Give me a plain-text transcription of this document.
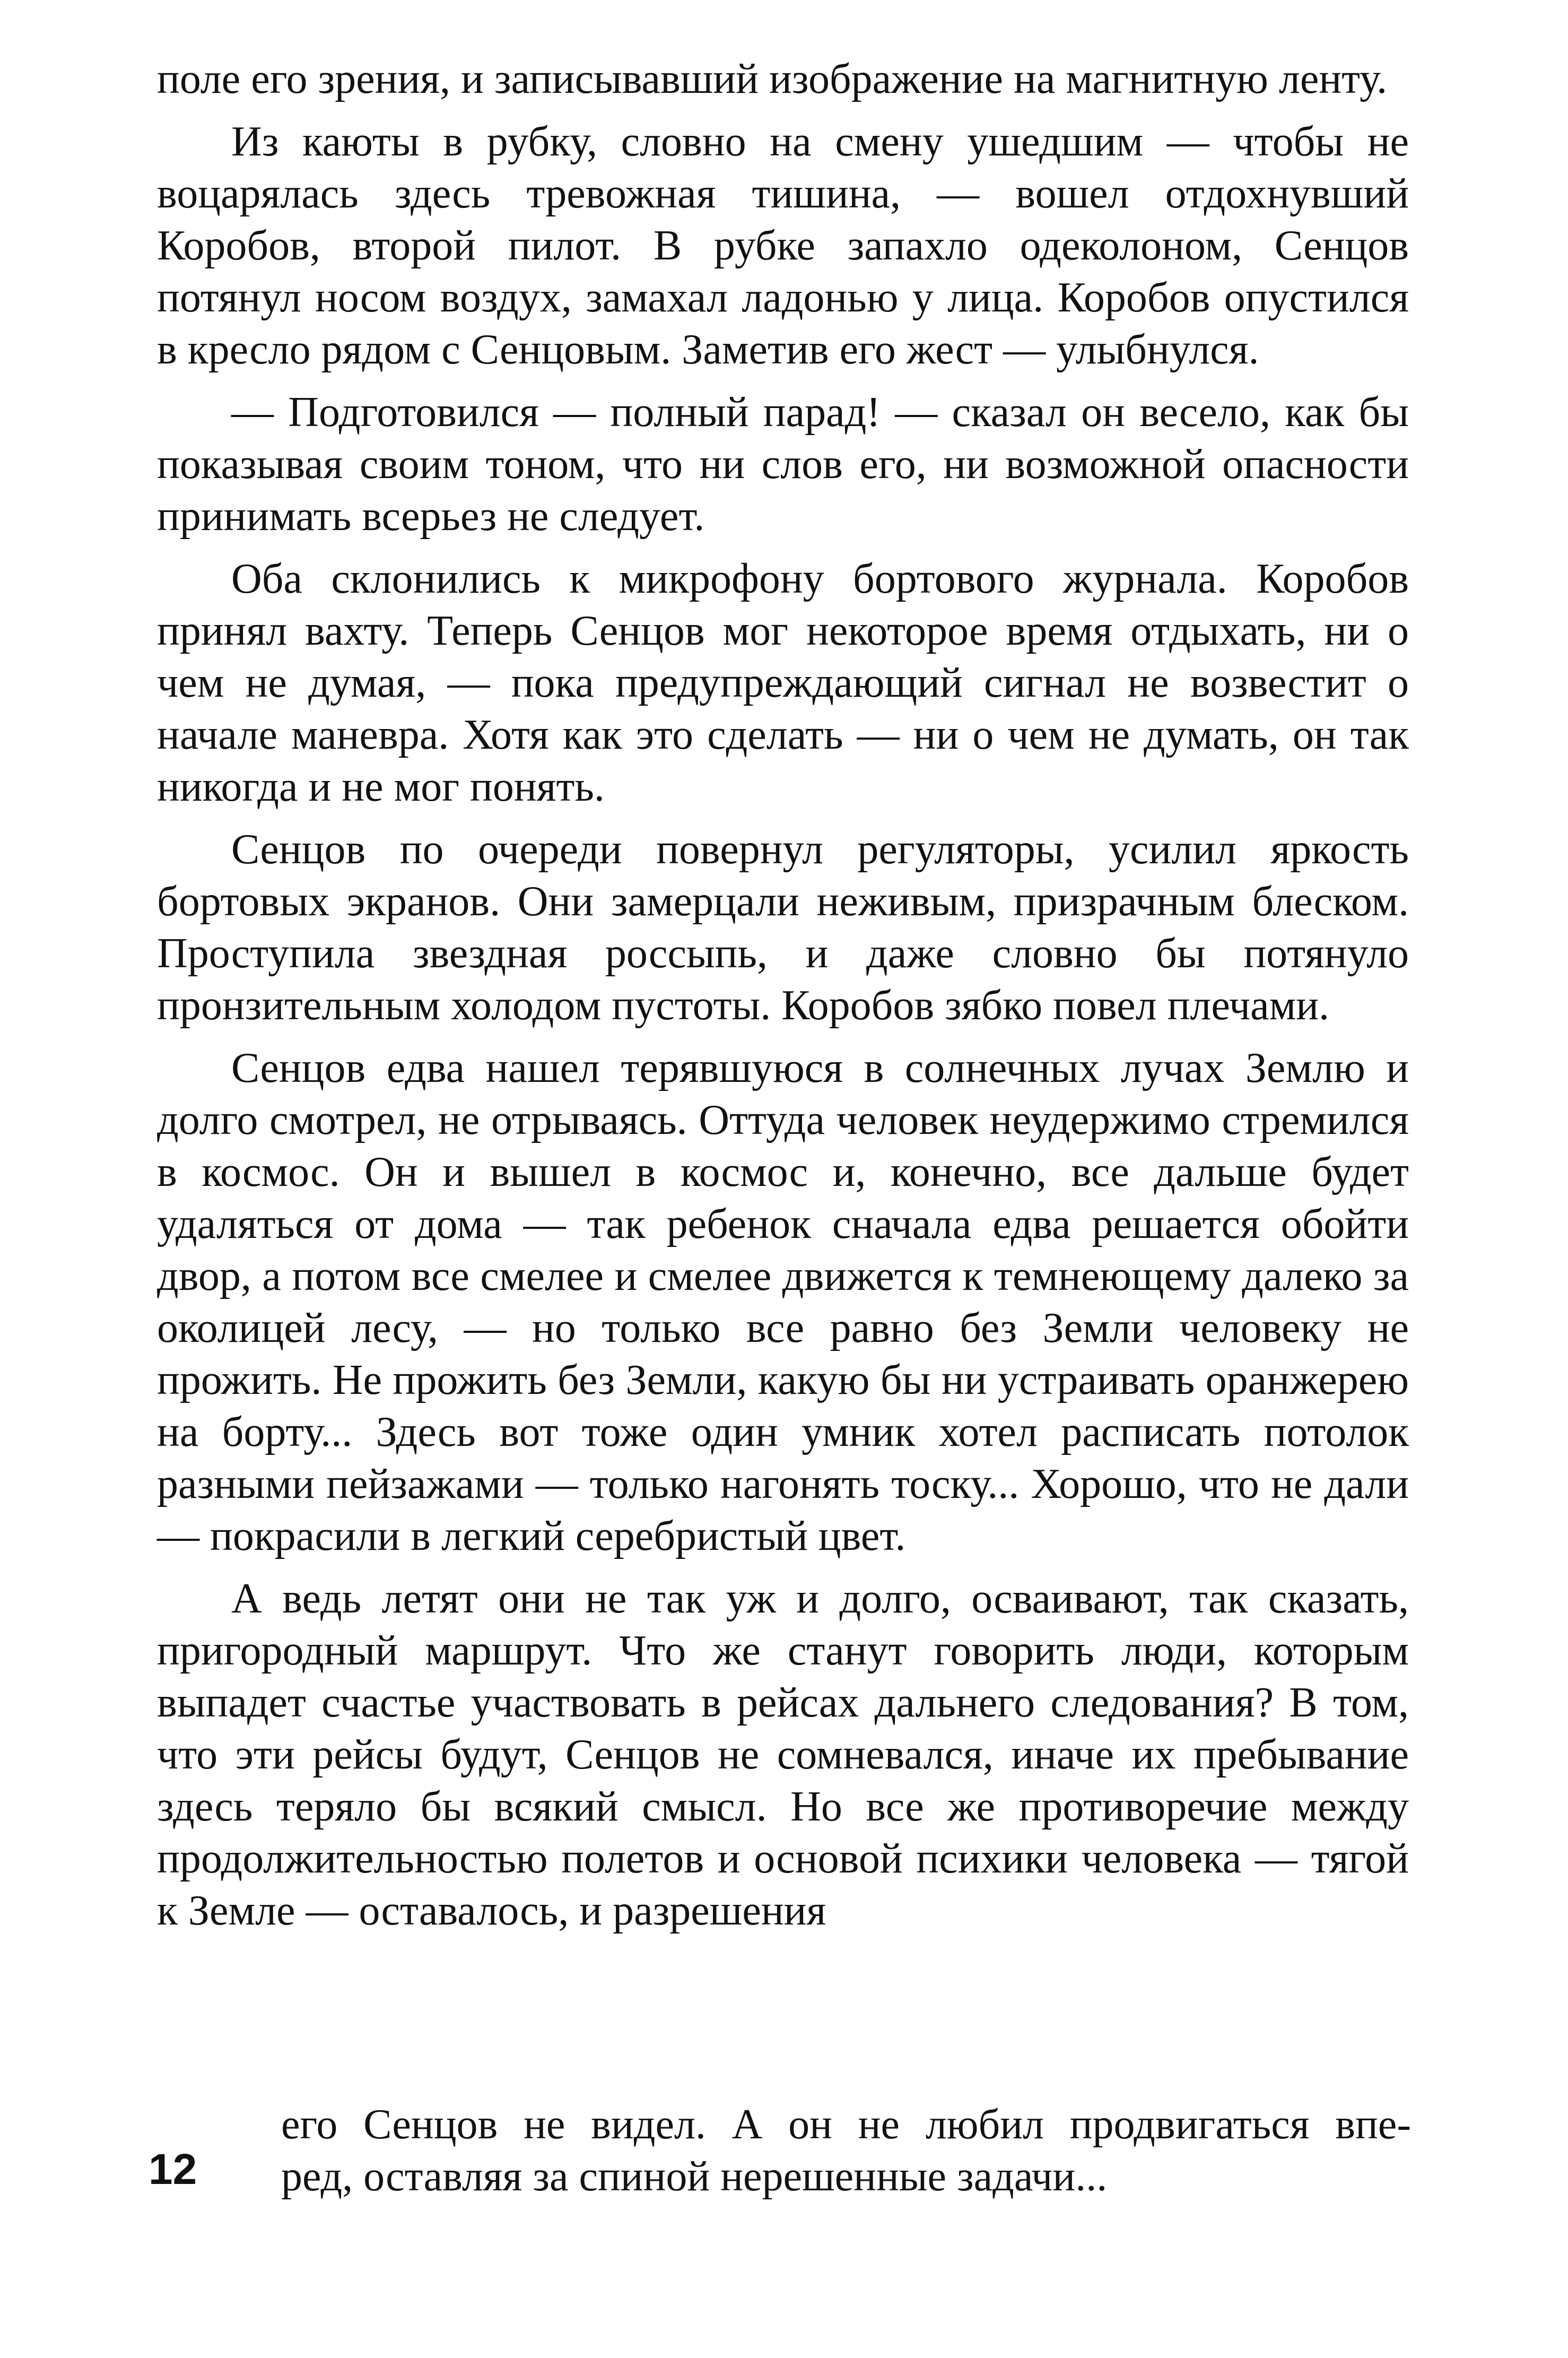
поле его зрения, и записывавший изображение на магнитную ленту.

Из каюты в рубку, словно на смену ушедшим — чтобы не воцарялась здесь тревожная тишина, — вошел отдохнувший Коробов, второй пилот. В рубке запахло одеколоном, Сенцов потянул носом воздух, замахал ладонью у лица. Коробов опустился в кресло рядом с Сенцовым. Заметив его жест — улыбнулся.

— Подготовился — полный парад! — сказал он весело, как бы показывая своим тоном, что ни слов его, ни возможной опасности принимать всерьез не следует.

Оба склонились к микрофону бортового журнала. Коробов принял вахту. Теперь Сенцов мог некоторое время отдыхать, ни о чем не думая, — пока предупреждающий сигнал не возвестит о начале маневра. Хотя как это сделать — ни о чем не думать, он так никогда и не мог понять.

Сенцов по очереди повернул регуляторы, усилил яркость бортовых экранов. Они замерцали неживым, призрачным блеском. Проступила звездная россыпь, и даже словно бы потянуло пронзительным холодом пустоты. Коробов зябко повел плечами.

Сенцов едва нашел терявшуюся в солнечных лучах Землю и долго смотрел, не отрываясь. Оттуда человек неудержимо стремился в космос. Он и вышел в космос и, конечно, все дальше будет удаляться от дома — так ребенок сначала едва решается обойти двор, а потом все смелее и смелее движется к темнеющему далеко за околицей лесу, — но только все равно без Земли человеку не прожить. Не прожить без Земли, какую бы ни устраивать оранжерею на борту... Здесь вот тоже один умник хотел расписать потолок разными пейзажами — только нагонять тоску... Хорошо, что не дали — покрасили в легкий серебристый цвет.

А ведь летят они не так уж и долго, осваивают, так сказать, пригородный маршрут. Что же станут говорить люди, которым выпадет счастье участвовать в рейсах дальнего следования? В том, что эти рейсы будут, Сенцов не сомневался, иначе их пребывание здесь теряло бы всякий смысл. Но все же противоречие между продолжительностью полетов и основой психики человека — тягой к Земле — оставалось, и разрешения

его Сенцов не видел. А он не любил продвигаться впе-
ред, оставляя за спиной нерешенные задачи...
12
